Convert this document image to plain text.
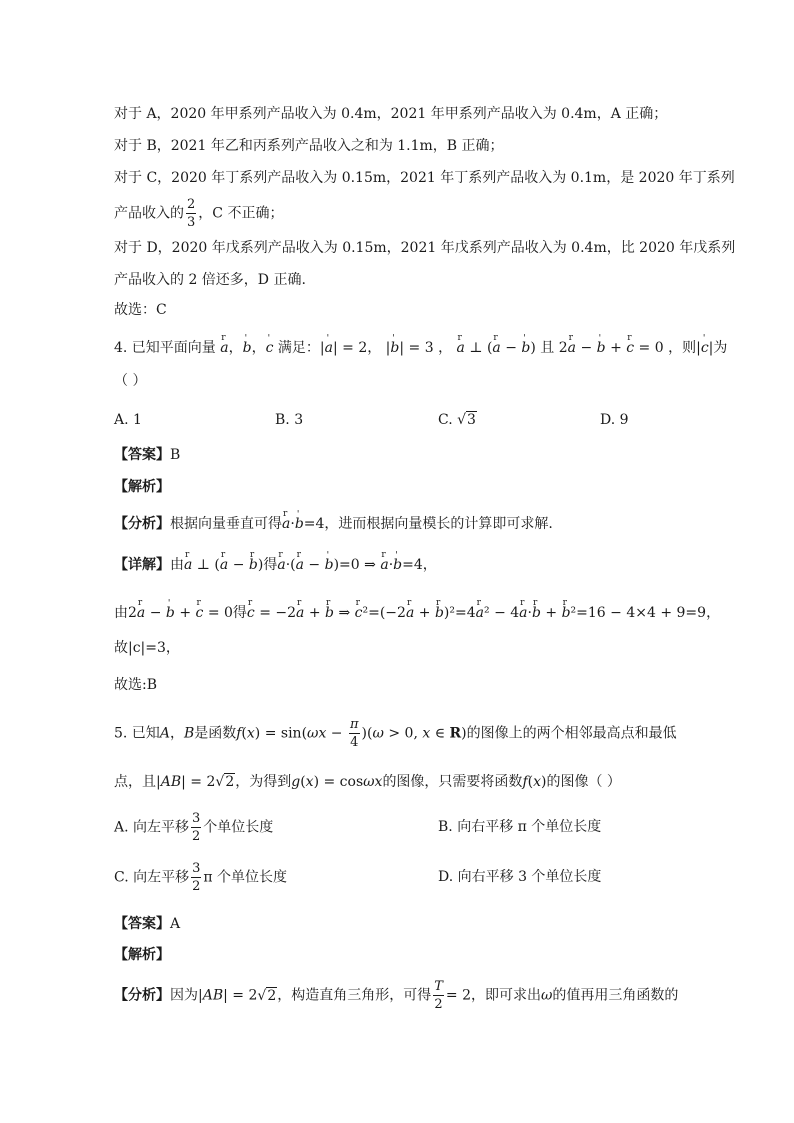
对于 A，2020 年甲系列产品收入为 0.4m，2021 年甲系列产品收入为 0.4m，A 正确；
对于 B，2021 年乙和丙系列产品收入之和为 1.1m，B 正确；
对于 C，2020 年丁系列产品收入为 0.15m，2021 年丁系列产品收入为 0.1m，是 2020 年丁系列
产品收入的 $\frac{2}{3}$ ，C 不正确；
对于 D，2020 年戊系列产品收入为 0.15m，2021 年戊系列产品收入为 0.4m，比 2020 年戊系列
产品收入的 2 倍还多，D 正确.
故选：C
4. 已知平面向量 r a，' b，' c 满足：|' a| = 2， |' b| = 3 ， r a ⊥ (r a − ' b) 且 2r a − ' b + r c = 0 ，则|' c|为
（ ）
A. 1	B. 3	C. √3	D. 9
【答案】B
【解析】
【分析】根据向量垂直可得r a·' b=4，进而根据向量模长的计算即可求解.
【详解】由r a ⊥ (r a − r b)得r a·(r a − ' b)=0 ⇒ r a·' b=4，
由2r a − ' b + r c = 0得r c = −2r a + r b ⇒ r c²=(−2r a + r b)²=4r a² − 4r a·r b + r b²=16 − 4×4 + 9=9，
故|c|=3，
故选:B
5. 已知A，B是函数$f(x) = \sin(\omega x - \frac{\pi}{4} )(\omega > 0$, x ∈ R)的图像上的两个相邻最高点和最低
点，且|AB| = 2√2，为得到g(x) = cosωx的图像，只需要将函数f(x)的图像（ ）
A. 向左平移 $\frac{3}{2}$ 个单位长度	B. 向右平移 π 个单位长度
C. 向左平移 $\frac{3}{2}$ π 个单位长度	D. 向右平移 3 个单位长度
【答案】A
【解析】
【分析】因为|AB| = 2√2，构造直角三角形，可得 $\frac{T}{2} = 2$，即可求出ω的值再用三角函数的
